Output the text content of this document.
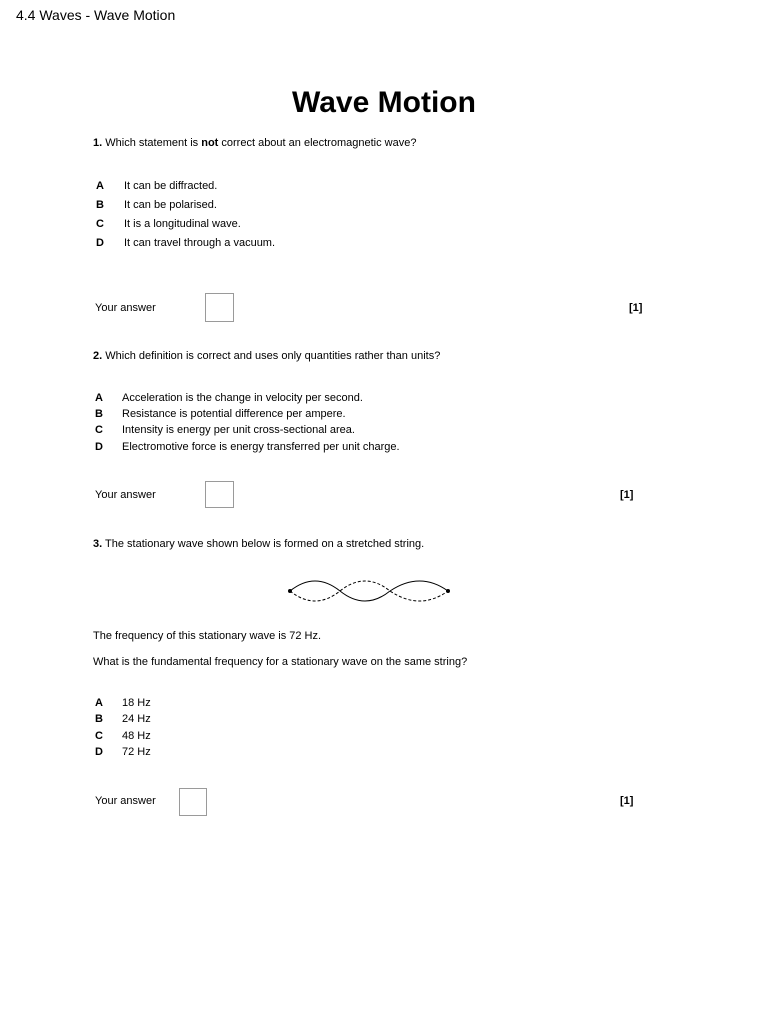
4.4 Waves - Wave Motion
Wave Motion
1. Which statement is not correct about an electromagnetic wave?
A It can be diffracted.
B It can be polarised.
C It is a longitudinal wave.
D It can travel through a vacuum.
Your answer	[1]
2. Which definition is correct and uses only quantities rather than units?
A Acceleration is the change in velocity per second.
B Resistance is potential difference per ampere.
C Intensity is energy per unit cross-sectional area.
D Electromotive force is energy transferred per unit charge.
Your answer	[1]
3. The stationary wave shown below is formed on a stretched string.
The frequency of this stationary wave is 72 Hz.
What is the fundamental frequency for a stationary wave on the same string?
A 18 Hz
B 24 Hz
C 48 Hz
D 72 Hz
Your answer	[1]
